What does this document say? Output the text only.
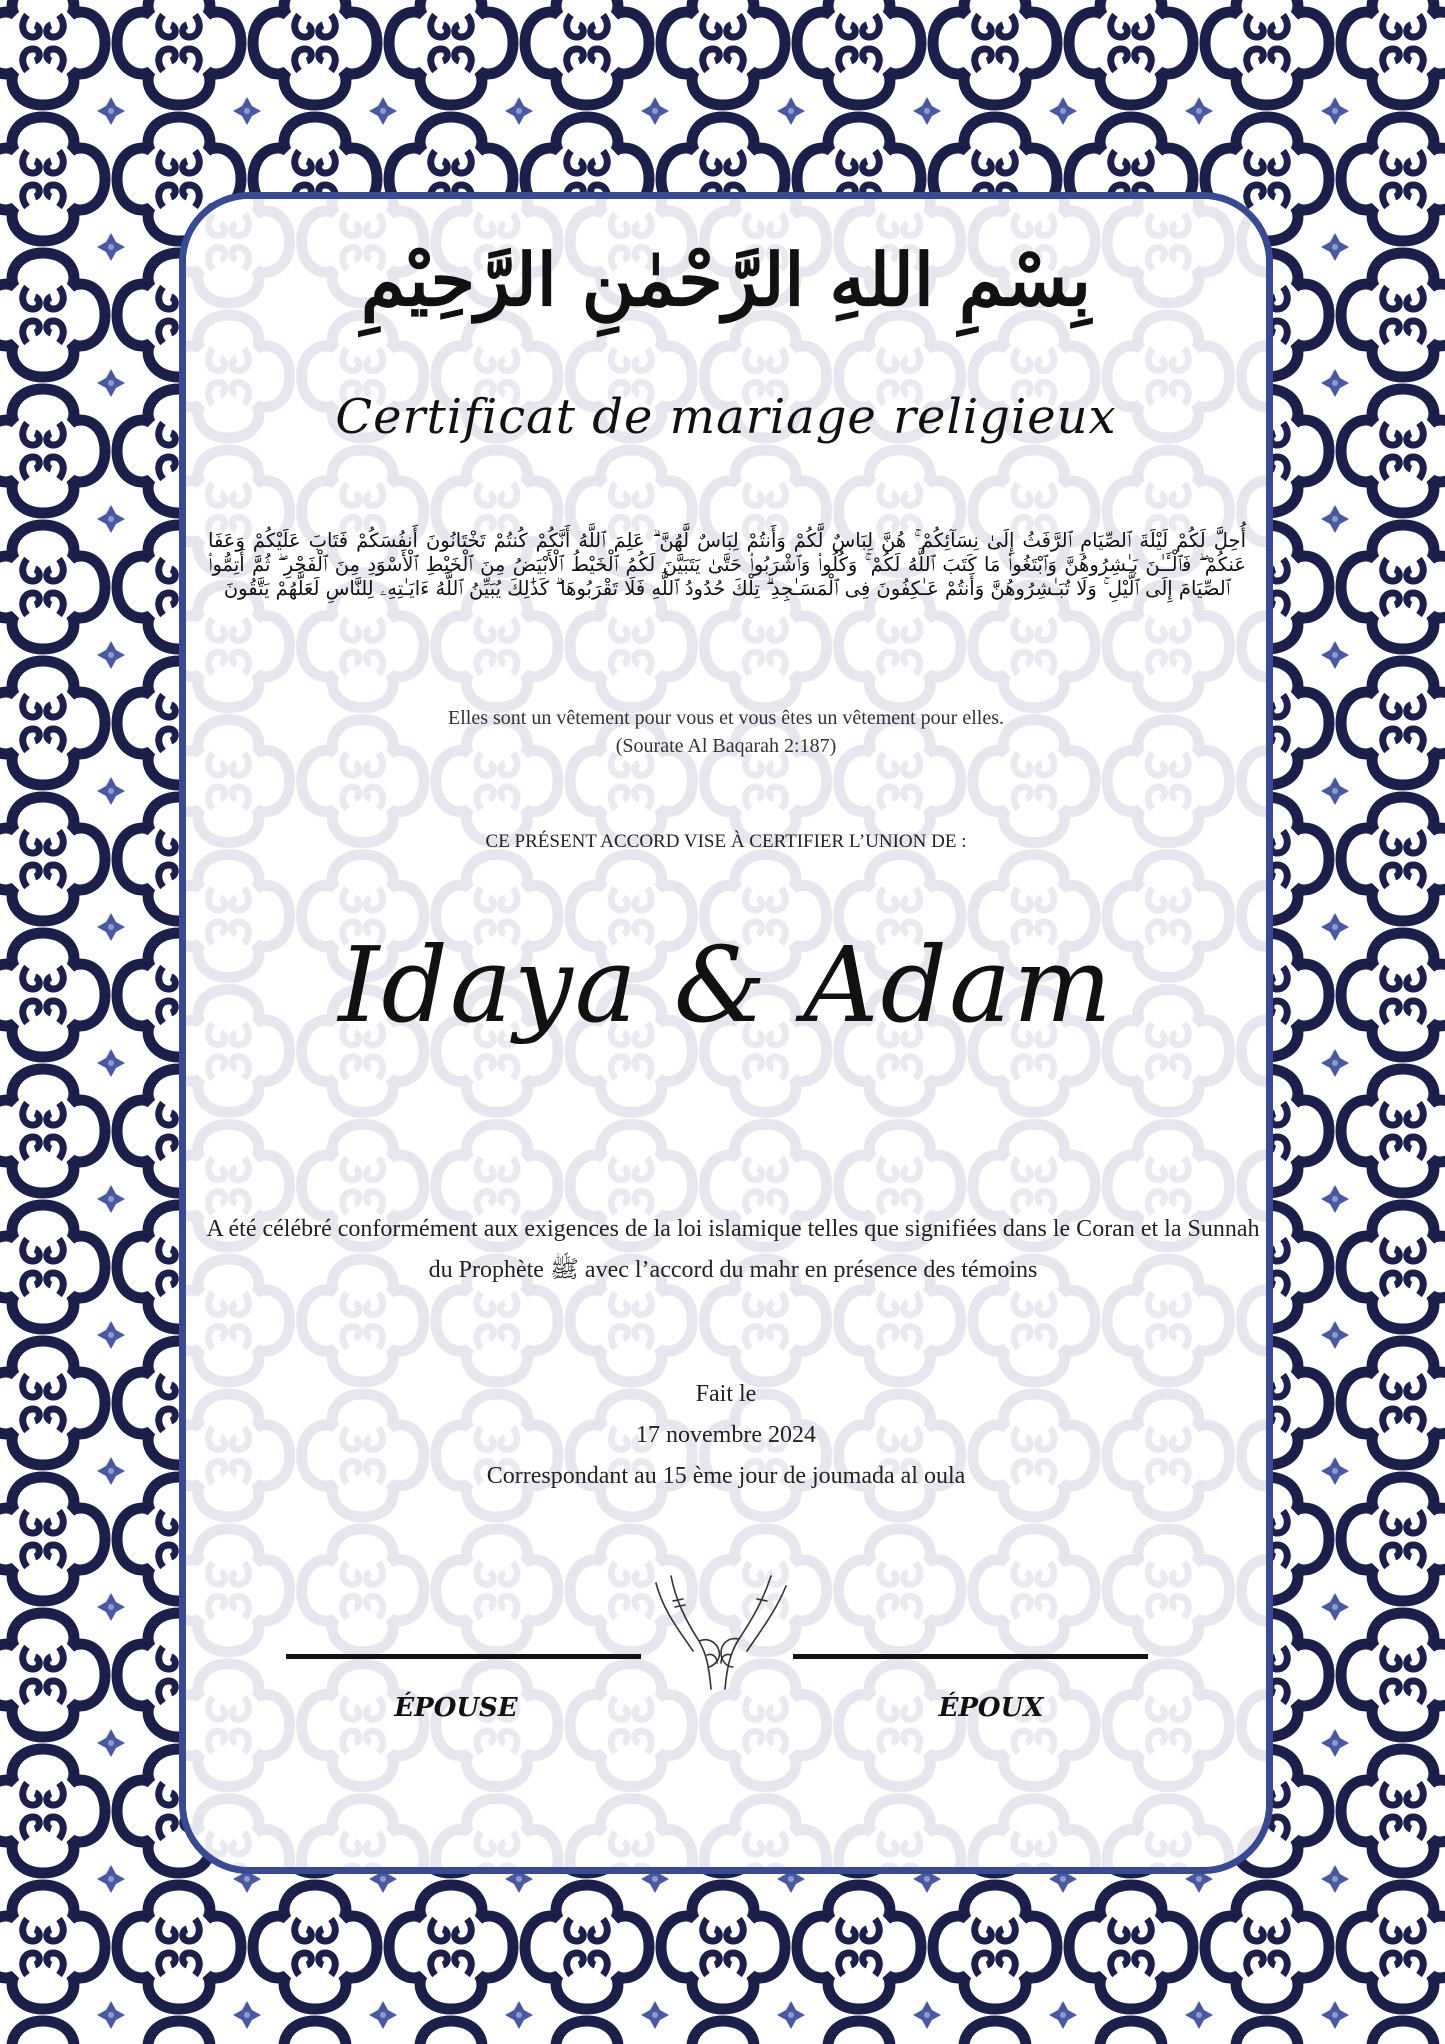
بِسْمِ اللهِ الرَّحْمٰنِ الرَّحِيْمِ
Certificat de mariage religieux
أُحِلَّ لَكُمْ لَيْلَةَ ٱلصِّيَامِ ٱلرَّفَثُ إِلَىٰ نِسَآئِكُمْ ۚ هُنَّ لِبَاسٌ لَّكُمْ وَأَنتُمْ لِبَاسٌ لَّهُنَّ ۗ عَلِمَ ٱللَّهُ أَنَّكُمْ كُنتُمْ تَخْتَانُونَ أَنفُسَكُمْ فَتَابَ عَلَيْكُمْ وَعَفَا عَنكُمْ ۖ فَٱلْـَٔـٰنَ بَـٰشِرُوهُنَّ وَٱبْتَغُوا۟ مَا كَتَبَ ٱللَّهُ لَكُمْ ۚ وَكُلُوا۟ وَٱشْرَبُوا۟ حَتَّىٰ يَتَبَيَّنَ لَكُمُ ٱلْخَيْطُ ٱلْأَبْيَضُ مِنَ ٱلْخَيْطِ ٱلْأَسْوَدِ مِنَ ٱلْفَجْرِ ۖ ثُمَّ أَتِمُّوا۟ ٱلصِّيَامَ إِلَى ٱلَّيْلِ ۚ وَلَا تُبَـٰشِرُوهُنَّ وَأَنتُمْ عَـٰكِفُونَ فِى ٱلْمَسَـٰجِدِ ۗ تِلْكَ حُدُودُ ٱللَّهِ فَلَا تَقْرَبُوهَا ۗ كَذَٰلِكَ يُبَيِّنُ ٱللَّهُ ءَايَـٰتِهِۦ لِلنَّاسِ لَعَلَّهُمْ يَتَّقُونَ
Elles sont un vêtement pour vous et vous êtes un vêtement pour elles.
(Sourate Al Baqarah 2:187)
CE PRÉSENT ACCORD VISE À CERTIFIER L’UNION DE :
Idaya & Adam
A été célébré conformément aux exigences de la loi islamique telles que signifiées dans le Coran et la Sunnah du Prophète ﷺ avec l’accord du mahr en présence des témoins
Fait le
17 novembre 2024
Correspondant au 15 ème jour de joumada al oula
ÉPOUSE	ÉPOUX
